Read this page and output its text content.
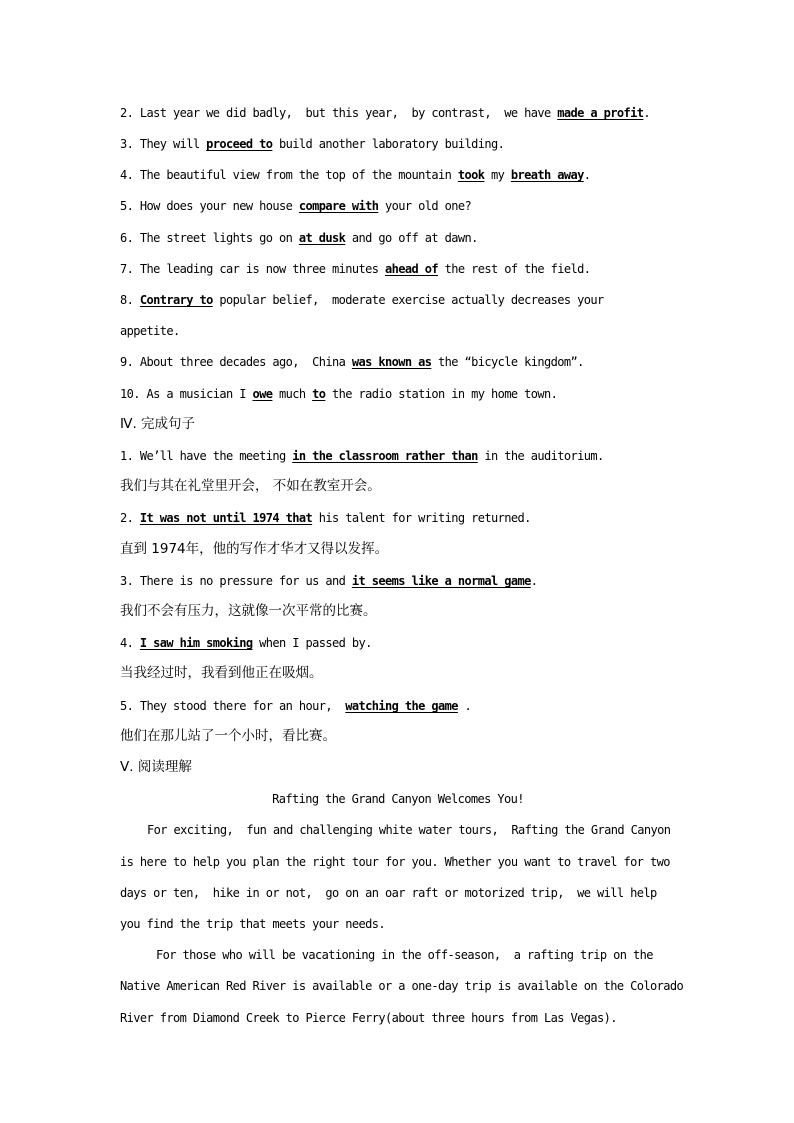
2. Last year we did badly,  but this year,  by contrast,  we have made a profit.
3. They will proceed to build another laboratory building.
4. The beautiful view from the top of the mountain took my breath away.
5. How does your new house compare with your old one?
6. The street lights go on at dusk and go off at dawn.
7. The leading car is now three minutes ahead of the rest of the field.
8. Contrary to popular belief,  moderate exercise actually decreases your
appetite.
9. About three decades ago,  China was known as the “bicycle kingdom”.
10. As a musician I owe much to the radio station in my home town.
Ⅳ. 完成句子
1. We’ll have the meeting in the classroom rather than in the auditorium.
我们与其在礼堂里开会， 不如在教室开会。
2. It was not until 1974 that his talent for writing returned.
直到 1974年，他的写作才华才又得以发挥。
3. There is no pressure for us and it seems like a normal game.
我们不会有压力，这就像一次平常的比赛。
4. I saw him smoking when I passed by.
当我经过时，我看到他正在吸烟。
5. They stood there for an hour,  watching the game .
他们在那儿站了一个小时，看比赛。
Ⅴ. 阅读理解
Rafting the Grand Canyon Welcomes You!
For exciting,  fun and challenging white water tours,  Rafting the Grand Canyon
is here to help you plan the right tour for you. Whether you want to travel for two
days or ten,  hike in or not,  go on an oar raft or motorized trip,  we will help
you find the trip that meets your needs.
For those who will be vacationing in the off-season,  a rafting trip on the
Native American Red River is available or a one-day trip is available on the Colorado
River from Diamond Creek to Pierce Ferry(about three hours from Las Vegas).
